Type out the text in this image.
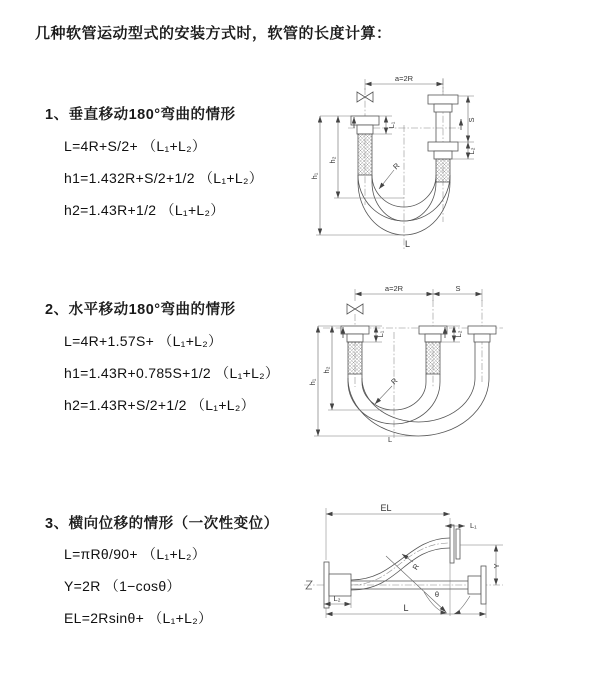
几种软管运动型式的安装方式时，软管的长度计算：
1、垂直移动180°弯曲的情形
L=4R+S/2+ （L₁+L₂）
h1=1.432R+S/2+1/2 （L₁+L₂）
h2=1.43R+1/2 （L₁+L₂）
2、水平移动180°弯曲的情形
L=4R+1.57S+ （L₁+L₂）
h1=1.43R+0.785S+1/2 （L₁+L₂）
h2=1.43R+S/2+1/2 （L₁+L₂）
3、横向位移的情形（一次性变位）
L=πRθ/90+ （L₁+L₂）
Y=2R （1−cosθ）
EL=2Rsinθ+ （L₁+L₂）
a=2R
h₁
h₂
L₁
S
L₂
R
L
a=2R	S
h₁
h₂
L₁	L₂
R
L
θ
EL
L₁
Y
L
L₂
R
